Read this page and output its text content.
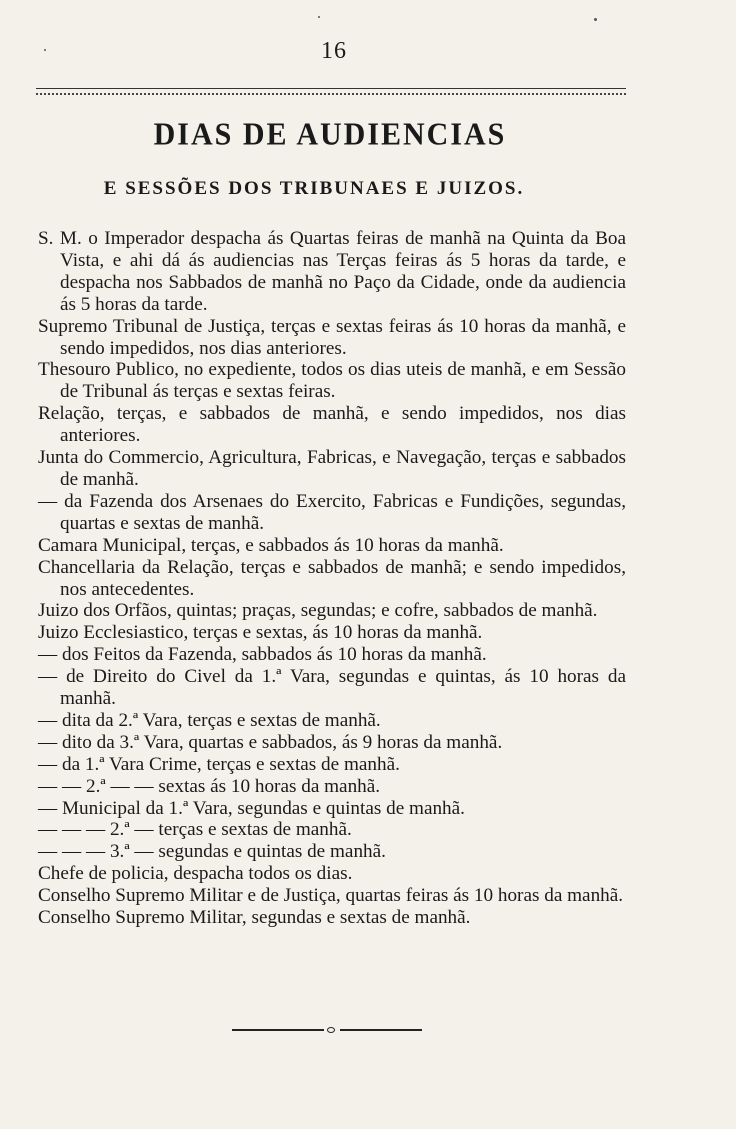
16
DIAS DE AUDIENCIAS
E SESSÕES DOS TRIBUNAES E JUIZOS.

S. M. o Imperador despacha ás Quartas feiras de manhã na Quinta da Boa Vista, e ahi dá ás audiencias nas Terças feiras ás 5 horas da tarde, e despacha nos Sabbados de manhã no Paço da Cidade, onde da audiencia ás 5 horas da tarde.

Supremo Tribunal de Justiça, terças e sextas feiras ás 10 horas da manhã, e sendo impedidos, nos dias anteriores.

Thesouro Publico, no expediente, todos os dias uteis de manhã, e em Sessão de Tribunal ás terças e sextas feiras.

Relação, terças, e sabbados de manhã, e sendo impedidos, nos dias anteriores.

Junta do Commercio, Agricultura, Fabricas, e Navegação, terças e sabbados de manhã.

— da Fazenda dos Arsenaes do Exercito, Fabricas e Fundições, segundas, quartas e sextas de manhã.

Camara Municipal, terças, e sabbados ás 10 horas da manhã.

Chancellaria da Relação, terças e sabbados de manhã; e sendo impedidos, nos antecedentes.

Juizo dos Orfãos, quintas; praças, segundas; e cofre, sabbados de manhã.

Juizo Ecclesiastico, terças e sextas, ás 10 horas da manhã.

— dos Feitos da Fazenda, sabbados ás 10 horas da manhã.

— de Direito do Civel da 1.ª Vara, segundas e quintas, ás 10 horas da manhã.

— dita da 2.ª Vara, terças e sextas de manhã.

— dito da 3.ª Vara, quartas e sabbados, ás 9 horas da manhã.

— da 1.ª Vara Crime, terças e sextas de manhã.

— — 2.ª — — sextas ás 10 horas da manhã.

— Municipal da 1.ª Vara, segundas e quintas de manhã.

— — — 2.ª — terças e sextas de manhã.

— — — 3.ª — segundas e quintas de manhã.

Chefe de policia, despacha todos os dias.

Conselho Supremo Militar e de Justiça, quartas feiras ás 10 horas da manhã.

Conselho Supremo Militar, segundas e sextas de manhã.
